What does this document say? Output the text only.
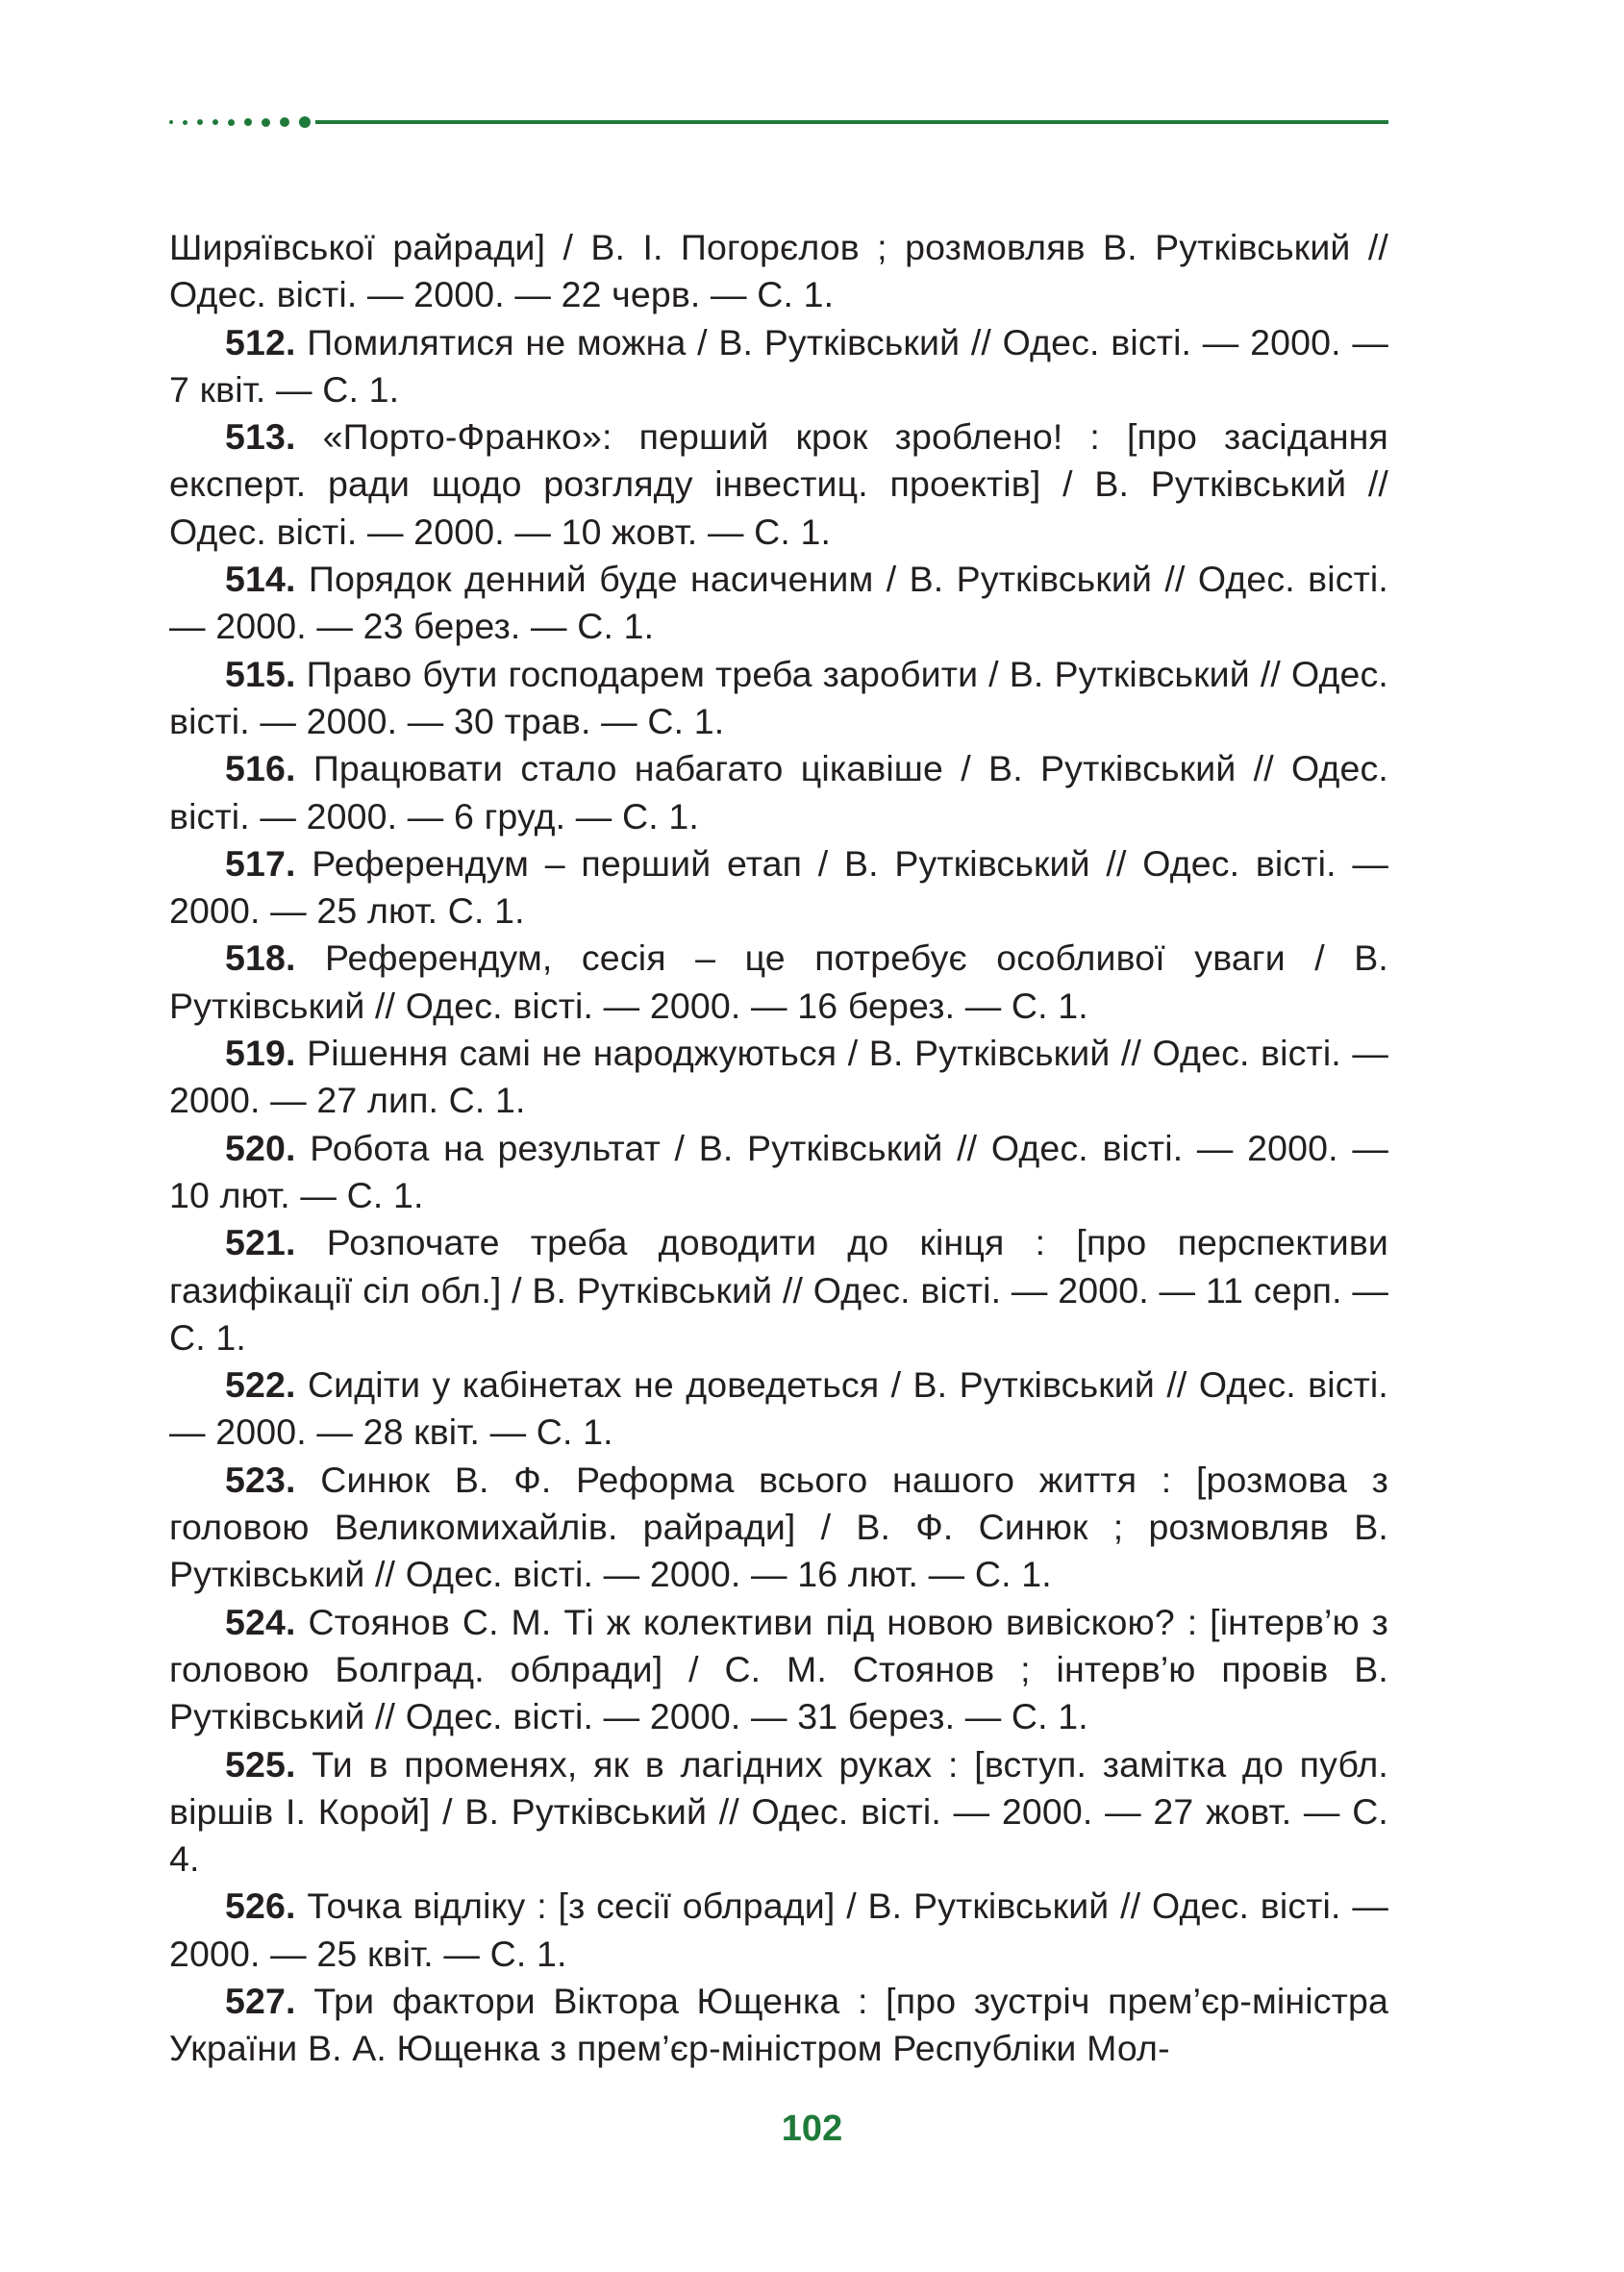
Ширяївської райради] / В. І. Погорєлов ; розмовляв В. Рутківський // Одес. вісті. — 2000. — 22 черв. — С. 1.

512. Помилятися не можна / В. Рутківський // Одес. вісті. — 2000. — 7 квіт. — С. 1.

513. «Порто-Франко»: перший крок зроблено! : [про засідання експерт. ради щодо розгляду інвестиц. проектів] / В. Рутківський // Одес. вісті. — 2000. — 10 жовт. — С. 1.

514. Порядок денний буде насиченим / В. Рутківський // Одес. вісті. — 2000. — 23 берез. — С. 1.

515. Право бути господарем треба заробити / В. Рутківський // Одес. вісті. — 2000. — 30 трав. — С. 1.

516. Працювати стало набагато цікавіше / В. Рутківський // Одес. вісті. — 2000. — 6 груд. — С. 1.

517. Референдум – перший етап / В. Рутківський // Одес. вісті. — 2000. — 25 лют. С. 1.

518. Референдум, сесія – це потребує особливої уваги / В. Рутківський // Одес. вісті. — 2000. — 16 берез. — С. 1.

519. Рішення самі не народжуються / В. Рутківський // Одес. вісті. — 2000. — 27 лип. С. 1.

520. Робота на результат / В. Рутківський // Одес. вісті. — 2000. — 10 лют. — С. 1.

521. Розпочате треба доводити до кінця : [про перспективи газифікації сіл обл.] / В. Рутківський // Одес. вісті. — 2000. — 11 серп. — С. 1.

522. Сидіти у кабінетах не доведеться / В. Рутківський // Одес. вісті. — 2000. — 28 квіт. — С. 1.

523. Синюк В. Ф. Реформа всього нашого життя : [розмова з головою Великомихайлів. райради] / В. Ф. Синюк ; розмовляв В. Рутківський // Одес. вісті. — 2000. — 16 лют. — С. 1.

524. Стоянов С. М. Ті ж колективи під новою вивіскою? : [інтерв’ю з головою Болград. облради] / С. М. Стоянов ; інтерв’ю провів В. Рутківський // Одес. вісті. — 2000. — 31 берез. — С. 1.

525. Ти в променях, як в лагідних руках : [вступ. замітка до публ. віршів І. Корой] / В. Рутківський // Одес. вісті. — 2000. — 27 жовт. — С. 4.

526. Точка відліку : [з сесії облради] / В. Рутківський // Одес. вісті. — 2000. — 25 квіт. — С. 1.

527. Три фактори Віктора Ющенка : [про зустріч прем’єр-міністра України В. А. Ющенка з прем’єр-міністром Республіки Мол-

102
